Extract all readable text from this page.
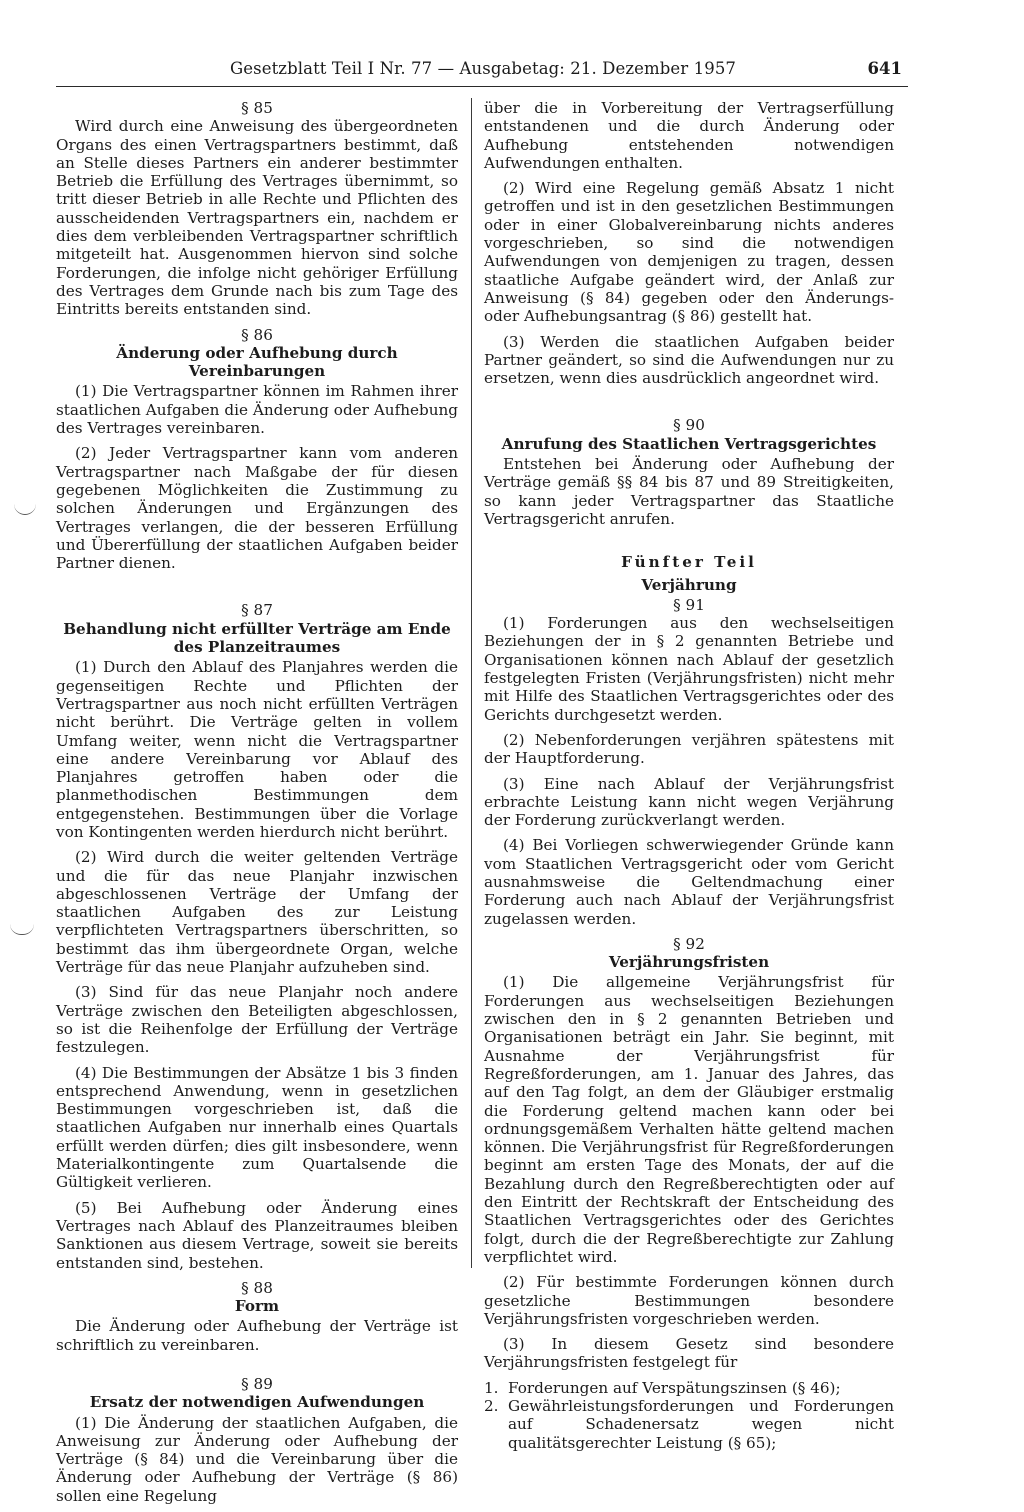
Gesetzblatt Teil I Nr. 77 — Ausgabetag: 21. Dezember 1957	641
§ 85

Wird durch eine Anweisung des übergeordneten Organs des einen Vertragspartners bestimmt, daß an Stelle dieses Partners ein anderer bestimmter Betrieb die Erfüllung des Vertrages übernimmt, so tritt dieser Betrieb in alle Rechte und Pflichten des ausscheidenden Vertragspartners ein, nachdem er dies dem verbleibenden Vertragspartner schriftlich mitgeteilt hat. Ausgenommen hiervon sind solche Forderungen, die infolge nicht gehöriger Erfüllung des Vertrages dem Grunde nach bis zum Tage des Eintritts bereits entstanden sind.

§ 86
Änderung oder Aufhebung durch Vereinbarungen

(1) Die Vertragspartner können im Rahmen ihrer staatlichen Aufgaben die Änderung oder Aufhebung des Vertrages vereinbaren.

(2) Jeder Vertragspartner kann vom anderen Vertragspartner nach Maßgabe der für diesen gegebenen Möglichkeiten die Zustimmung zu solchen Änderungen und Ergänzungen des Vertrages verlangen, die der besseren Erfüllung und Übererfüllung der staatlichen Aufgaben beider Partner dienen.

§ 87
Behandlung nicht erfüllter Verträge am Ende des Planzeitraumes

(1) Durch den Ablauf des Planjahres werden die gegenseitigen Rechte und Pflichten der Vertragspartner aus noch nicht erfüllten Verträgen nicht berührt. Die Verträge gelten in vollem Umfang weiter, wenn nicht die Vertragspartner eine andere Vereinbarung vor Ablauf des Planjahres getroffen haben oder die planmethodischen Bestimmungen dem entgegenstehen. Bestimmungen über die Vorlage von Kontingenten werden hierdurch nicht berührt.

(2) Wird durch die weiter geltenden Verträge und die für das neue Planjahr inzwischen abgeschlossenen Verträge der Umfang der staatlichen Aufgaben des zur Leistung verpflichteten Vertragspartners überschritten, so bestimmt das ihm übergeordnete Organ, welche Verträge für das neue Planjahr aufzuheben sind.

(3) Sind für das neue Planjahr noch andere Verträge zwischen den Beteiligten abgeschlossen, so ist die Reihenfolge der Erfüllung der Verträge festzulegen.

(4) Die Bestimmungen der Absätze 1 bis 3 finden entsprechend Anwendung, wenn in gesetzlichen Bestimmungen vorgeschrieben ist, daß die staatlichen Aufgaben nur innerhalb eines Quartals erfüllt werden dürfen; dies gilt insbesondere, wenn Materialkontingente zum Quartalsende die Gültigkeit verlieren.

(5) Bei Aufhebung oder Änderung eines Vertrages nach Ablauf des Planzeitraumes bleiben Sanktionen aus diesem Vertrage, soweit sie bereits entstanden sind, bestehen.

§ 88
Form

Die Änderung oder Aufhebung der Verträge ist schriftlich zu vereinbaren.

§ 89
Ersatz der notwendigen Aufwendungen

(1) Die Änderung der staatlichen Aufgaben, die Anweisung zur Änderung oder Aufhebung der Verträge (§ 84) und die Vereinbarung über die Änderung oder Aufhebung der Verträge (§ 86) sollen eine Regelung

über die in Vorbereitung der Vertragserfüllung entstandenen und die durch Änderung oder Aufhebung entstehenden notwendigen Aufwendungen enthalten.

(2) Wird eine Regelung gemäß Absatz 1 nicht getroffen und ist in den gesetzlichen Bestimmungen oder in einer Globalvereinbarung nichts anderes vorgeschrieben, so sind die notwendigen Aufwendungen von demjenigen zu tragen, dessen staatliche Aufgabe geändert wird, der Anlaß zur Anweisung (§ 84) gegeben oder den Änderungs- oder Aufhebungsantrag (§ 86) gestellt hat.

(3) Werden die staatlichen Aufgaben beider Partner geändert, so sind die Aufwendungen nur zu ersetzen, wenn dies ausdrücklich angeordnet wird.

§ 90
Anrufung des Staatlichen Vertragsgerichtes

Entstehen bei Änderung oder Aufhebung der Verträge gemäß §§ 84 bis 87 und 89 Streitigkeiten, so kann jeder Vertragspartner das Staatliche Vertragsgericht anrufen.

Fünfter Teil
Verjährung
§ 91

(1) Forderungen aus den wechselseitigen Beziehungen der in § 2 genannten Betriebe und Organisationen können nach Ablauf der gesetzlich festgelegten Fristen (Verjährungsfristen) nicht mehr mit Hilfe des Staatlichen Vertragsgerichtes oder des Gerichts durchgesetzt werden.

(2) Nebenforderungen verjähren spätestens mit der Hauptforderung.

(3) Eine nach Ablauf der Verjährungsfrist erbrachte Leistung kann nicht wegen Verjährung der Forderung zurückverlangt werden.

(4) Bei Vorliegen schwerwiegender Gründe kann vom Staatlichen Vertragsgericht oder vom Gericht ausnahmsweise die Geltendmachung einer Forderung auch nach Ablauf der Verjährungsfrist zugelassen werden.

§ 92
Verjährungsfristen

(1) Die allgemeine Verjährungsfrist für Forderungen aus wechselseitigen Beziehungen zwischen den in § 2 genannten Betrieben und Organisationen beträgt ein Jahr. Sie beginnt, mit Ausnahme der Verjährungsfrist für Regreßforderungen, am 1. Januar des Jahres, das auf den Tag folgt, an dem der Gläubiger erstmalig die Forderung geltend machen kann oder bei ordnungsgemäßem Verhalten hätte geltend machen können. Die Verjährungsfrist für Regreßforderungen beginnt am ersten Tage des Monats, der auf die Bezahlung durch den Regreßberechtigten oder auf den Eintritt der Rechtskraft der Entscheidung des Staatlichen Vertragsgerichtes oder des Gerichtes folgt, durch die der Regreßberechtigte zur Zahlung verpflichtet wird.

(2) Für bestimmte Forderungen können durch gesetzliche Bestimmungen besondere Verjährungsfristen vorgeschrieben werden.

(3) In diesem Gesetz sind besondere Verjährungsfristen festgelegt für

1. Forderungen auf Verspätungszinsen (§ 46);
2. Gewährleistungsforderungen und Forderungen auf Schadenersatz wegen nicht qualitätsgerechter Leistung (§ 65);
